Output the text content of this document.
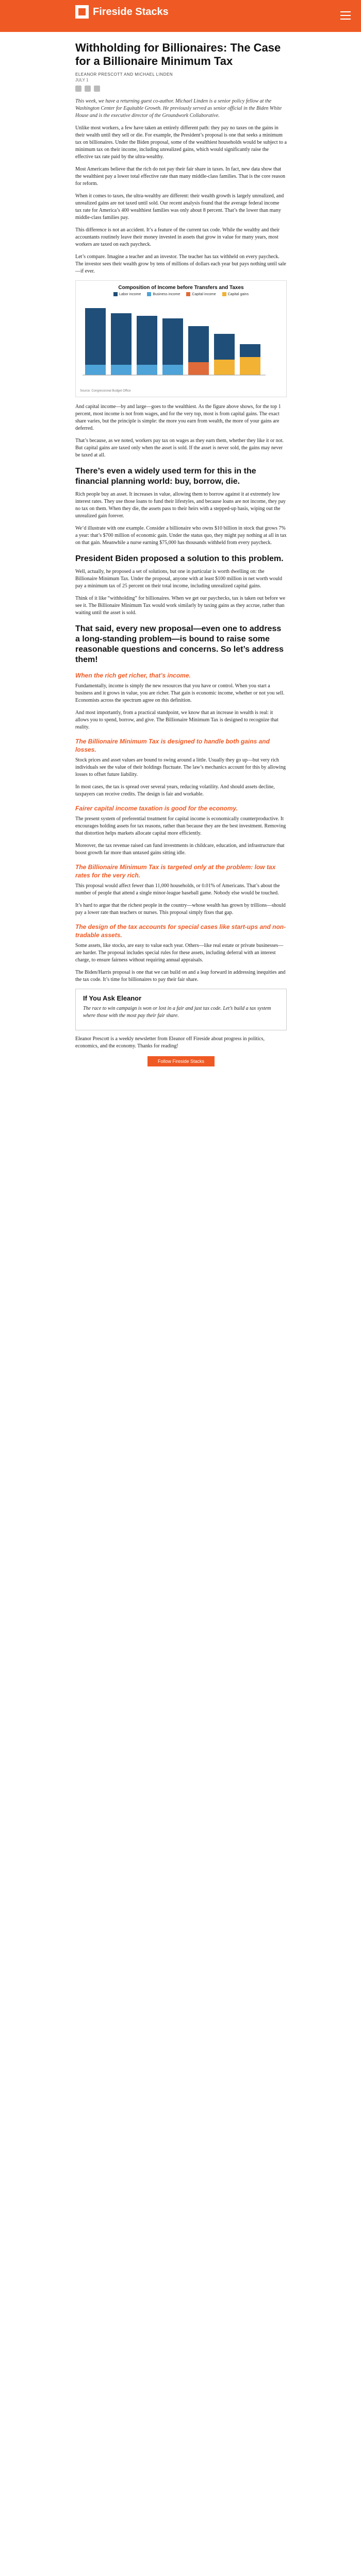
Fireside Stacks
Withholding for Billionaires: The Case for a Billionaire Minimum Tax
ELEANOR PRESCOTT AND MICHAEL LINDEN
JULY 1

This week, we have a returning guest co-author. Michael Linden is a senior policy fellow at the Washington Center for Equitable Growth. He previously served as senior official in the Biden White House and is the executive director of the Groundwork Collaborative.

Unlike most workers, a few have taken an entirely different path: they pay no taxes on the gains in their wealth until they sell or die. For example, the President’s proposal is one that seeks a minimum tax on billionaires. Under the Biden proposal, some of the wealthiest households would be subject to a minimum tax on their income, including unrealized gains, which would significantly raise the effective tax rate paid by the ultra-wealthy.

Most Americans believe that the rich do not pay their fair share in taxes. In fact, new data show that the wealthiest pay a lower total effective rate than many middle-class families. That is the core reason for reform.

When it comes to taxes, the ultra-wealthy are different: their wealth growth is largely unrealized, and unrealized gains are not taxed until sold. Our recent analysis found that the average federal income tax rate for America’s 400 wealthiest families was only about 8 percent. That’s the lower than many middle-class families pay.

This difference is not an accident. It’s a feature of the current tax code. While the wealthy and their accountants routinely leave their money invested in assets that grow in value for many years, most workers are taxed on each paycheck.

Let’s compare. Imagine a teacher and an investor. The teacher has tax withheld on every paycheck. The investor sees their wealth grow by tens of millions of dollars each year but pays nothing until sale—if ever.

Composition of Income before Transfers and Taxes
Labor income	Business income	Capital income	Capital gains
Source: Congressional Budget Office

And capital income—by and large—goes to the wealthiest. As the figure above shows, for the top 1 percent, most income is not from wages, and for the very top, most is from capital gains. The exact share varies, but the principle is simple: the more you earn from wealth, the more of your gains are deferred.

That’s because, as we noted, workers pay tax on wages as they earn them, whether they like it or not. But capital gains are taxed only when the asset is sold. If the asset is never sold, the gains may never be taxed at all.

There’s even a widely used term for this in the financial planning world: buy, borrow, die.

Rich people buy an asset. It increases in value, allowing them to borrow against it at extremely low interest rates. They use those loans to fund their lifestyles, and because loans are not income, they pay no tax on them. When they die, the assets pass to their heirs with a stepped-up basis, wiping out the unrealized gain forever.

We’d illustrate with one example. Consider a billionaire who owns $10 billion in stock that grows 7% a year: that’s $700 million of economic gain. Under the status quo, they might pay nothing at all in tax on that gain. Meanwhile a nurse earning $75,000 has thousands withheld from every paycheck.

President Biden proposed a solution to this problem.

Well, actually, he proposed a set of solutions, but one in particular is worth dwelling on: the Billionaire Minimum Tax. Under the proposal, anyone with at least $100 million in net worth would pay a minimum tax of 25 percent on their total income, including unrealized capital gains.

Think of it like “withholding” for billionaires. When we get our paychecks, tax is taken out before we see it. The Billionaire Minimum Tax would work similarly by taxing gains as they accrue, rather than waiting until the asset is sold.

That said, every new proposal—even one to address a long-standing problem—is bound to raise some reasonable questions and concerns. So let’s address them!
When the rich get richer, that’s income.

Fundamentally, income is simply the new resources that you have or control. When you start a business and it grows in value, you are richer. That gain is economic income, whether or not you sell. Economists across the spectrum agree on this definition.

And most importantly, from a practical standpoint, we know that an increase in wealth is real: it allows you to spend, borrow, and give. The Billionaire Minimum Tax is designed to recognize that reality.

The Billionaire Minimum Tax is designed to handle both gains and losses.

Stock prices and asset values are bound to swing around a little. Usually they go up—but very rich individuals see the value of their holdings fluctuate. The law’s mechanics account for this by allowing losses to offset future liability.

In most cases, the tax is spread over several years, reducing volatility. And should assets decline, taxpayers can receive credits. The design is fair and workable.

Fairer capital income taxation is good for the economy.

The present system of preferential treatment for capital income is economically counterproductive. It encourages holding assets for tax reasons, rather than because they are the best investment. Removing that distortion helps markets allocate capital more efficiently.

Moreover, the tax revenue raised can fund investments in childcare, education, and infrastructure that boost growth far more than untaxed gains sitting idle.

The Billionaire Minimum Tax is targeted only at the problem: low tax rates for the very rich.

This proposal would affect fewer than 11,000 households, or 0.01% of Americans. That’s about the number of people that attend a single minor-league baseball game. Nobody else would be touched.

It’s hard to argue that the richest people in the country—whose wealth has grown by trillions—should pay a lower rate than teachers or nurses. This proposal simply fixes that gap.

The design of the tax accounts for special cases like start-ups and non-tradable assets.

Some assets, like stocks, are easy to value each year. Others—like real estate or private businesses—are harder. The proposal includes special rules for these assets, including deferral with an interest charge, to ensure fairness without requiring annual appraisals.

The Biden/Harris proposal is one that we can build on and a leap forward in addressing inequities and the tax code. It’s time for billionaires to pay their fair share.

If You Ask Eleanor

The race to win campaign is won or lost in a fair and just tax code. Let’s build a tax system where those with the most pay their fair share.

Eleanor Prescott is a weekly newsletter from Eleanor off Fireside about progress in politics, economics, and the economy. Thanks for reading!

Follow Fireside Stacks
